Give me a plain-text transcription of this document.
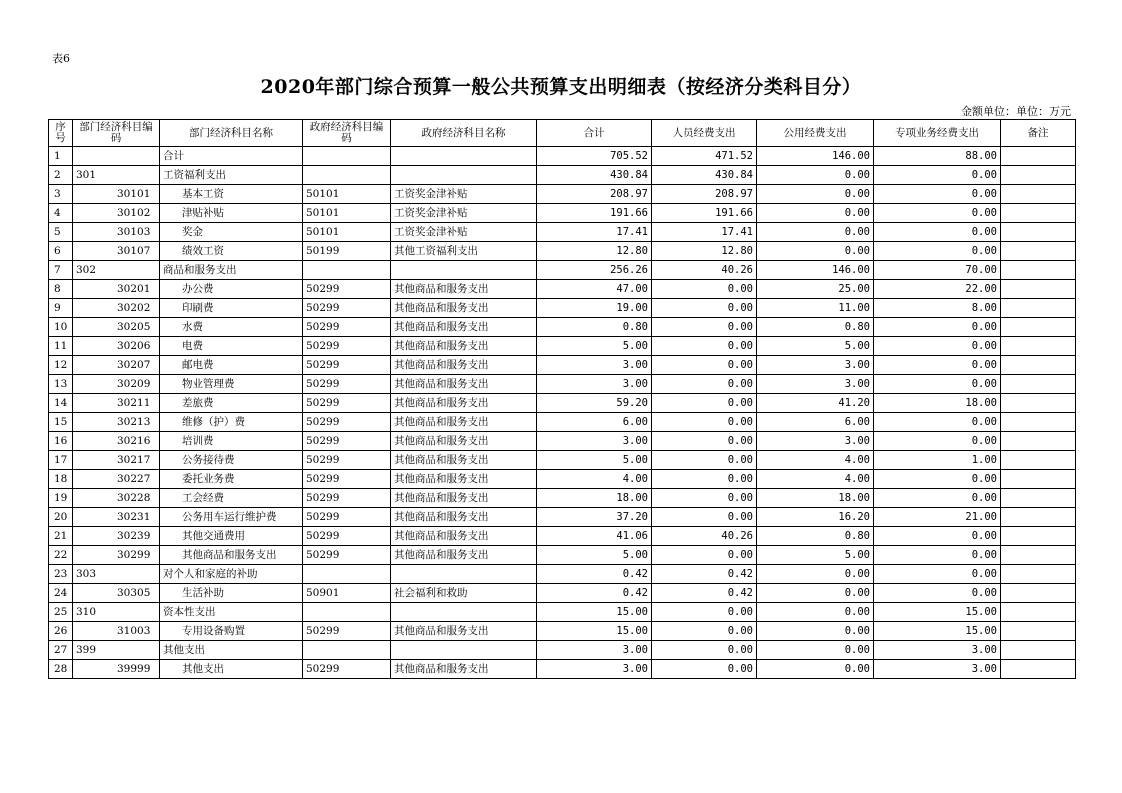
表6
2020年部门综合预算一般公共预算支出明细表（按经济分类科目分）
金额单位：单位：万元
序号	部门经济科目编码	部门经济科目名称	政府经济科目编码	政府经济科目名称	合计	人员经费支出	公用经费支出	专项业务经费支出	备注
1		合计			705.52	471.52	146.00	88.00	
2	301	工资福利支出			430.84	430.84	0.00	0.00	
3	30101	基本工资	50101	工资奖金津补贴	208.97	208.97	0.00	0.00	
4	30102	津贴补贴	50101	工资奖金津补贴	191.66	191.66	0.00	0.00	
5	30103	奖金	50101	工资奖金津补贴	17.41	17.41	0.00	0.00	
6	30107	绩效工资	50199	其他工资福利支出	12.80	12.80	0.00	0.00	
7	302	商品和服务支出			256.26	40.26	146.00	70.00	
8	30201	办公费	50299	其他商品和服务支出	47.00	0.00	25.00	22.00	
9	30202	印刷费	50299	其他商品和服务支出	19.00	0.00	11.00	8.00	
10	30205	水费	50299	其他商品和服务支出	0.80	0.00	0.80	0.00	
11	30206	电费	50299	其他商品和服务支出	5.00	0.00	5.00	0.00	
12	30207	邮电费	50299	其他商品和服务支出	3.00	0.00	3.00	0.00	
13	30209	物业管理费	50299	其他商品和服务支出	3.00	0.00	3.00	0.00	
14	30211	差旅费	50299	其他商品和服务支出	59.20	0.00	41.20	18.00	
15	30213	维修（护）费	50299	其他商品和服务支出	6.00	0.00	6.00	0.00	
16	30216	培训费	50299	其他商品和服务支出	3.00	0.00	3.00	0.00	
17	30217	公务接待费	50299	其他商品和服务支出	5.00	0.00	4.00	1.00	
18	30227	委托业务费	50299	其他商品和服务支出	4.00	0.00	4.00	0.00	
19	30228	工会经费	50299	其他商品和服务支出	18.00	0.00	18.00	0.00	
20	30231	公务用车运行维护费	50299	其他商品和服务支出	37.20	0.00	16.20	21.00	
21	30239	其他交通费用	50299	其他商品和服务支出	41.06	40.26	0.80	0.00	
22	30299	其他商品和服务支出	50299	其他商品和服务支出	5.00	0.00	5.00	0.00	
23	303	对个人和家庭的补助			0.42	0.42	0.00	0.00	
24	30305	生活补助	50901	社会福利和救助	0.42	0.42	0.00	0.00	
25	310	资本性支出			15.00	0.00	0.00	15.00	
26	31003	专用设备购置	50299	其他商品和服务支出	15.00	0.00	0.00	15.00	
27	399	其他支出			3.00	0.00	0.00	3.00	
28	39999	其他支出	50299	其他商品和服务支出	3.00	0.00	0.00	3.00	
